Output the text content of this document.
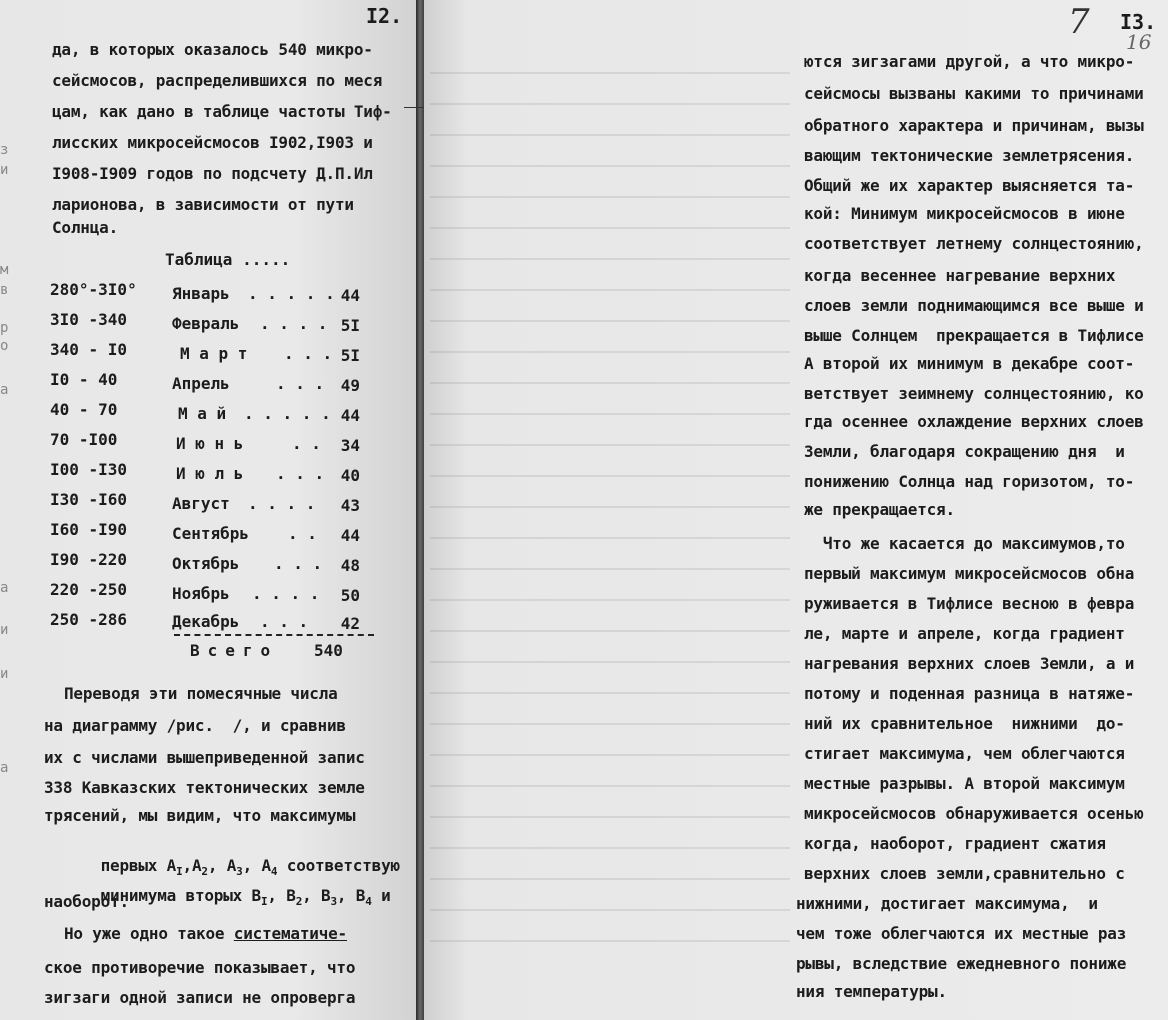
з
и
м
в
р
о
а
а
и
и
а
I2.
да, в которых оказалось 540 микро-
сейсмосов, распределившихся по меся
цам, как дано в таблице частоты Тиф-
лисских микросейсмосов I902,I903 и
I908-I909 годов по подсчету Д.П.Ил
ларионова, в зависимости от пути
Солнца.
Таблица .....
280°-3I0° Январь . . . . . 44
3I0 -340	Февраль . . . . 5I
340 - I0	М а р т . . . 5I
I0 - 40	Апрель	. . . 49
40 - 70	М а й . . . . . 44
70 -I00	И ю н ь	. . 34
I00 -I30	И ю л ь . . . 40
I30 -I60	Август . . . . 43
I60 -I90	Сентябрь . . 44
I90 -220	Октябрь . . . 48
220 -250	Ноябрь . . . . 50
250 -286	Декабрь . . . 42
Всего 540
Переводя эти помесячные числа
на диаграмму /рис.  /, и сравнив
их с числами вышеприведенной запис
338 Кавказских тектонических земле
трясений, мы видим, что максимумы

первых $А_I,А_2$, $А_3$, $А_4$ соответствую

минимума вторых $В_I$, $В_2$, $В_3$, $В_4$ и

наоборот.
Но уже одно такое систематиче-
ское противоречие показывает, что
зигзаги одной записи не опроверга
7 16
I3.
ются зигзагами другой, а что микро-
сейсмосы вызваны какими то причинами
обратного характера и причинам, вызы
вающим тектонические землетрясения.
Общий же их характер выясняется та-
кой: Минимум микросейсмосов в июне
соответствует летнему солнцестоянию,
когда весеннее нагревание верхних
слоев земли поднимающимся все выше и
выше Солнцем  прекращается в Тифлисе
А второй их минимум в декабре соот-
ветствует зеимнему солнцестоянию, ко
гда осеннее охлаждение верхних слоев
Земли, благодаря сокращению дня  и
понижению Солнца над горизотом, то-
же прекращается.
Что же касается до максимумов,то
первый максимум микросейсмосов обна
руживается в Тифлисе весною в февра
ле, марте и апреле, когда градиент
нагревания верхних слоев Земли, а и
потому и поденная разница в натяже-
ний их сравнительное  нижними  до-
стигает максимума, чем облегчаются
местные разрывы. А второй максимум
микросейсмосов обнаруживается осенью
когда, наоборот, градиент сжатия
верхних слоев земли,сравнительно с
нижними, достигает максимума,  и
чем тоже облегчаются их местные раз
рывы, вследствие ежедневного пониже
ния температуры.
